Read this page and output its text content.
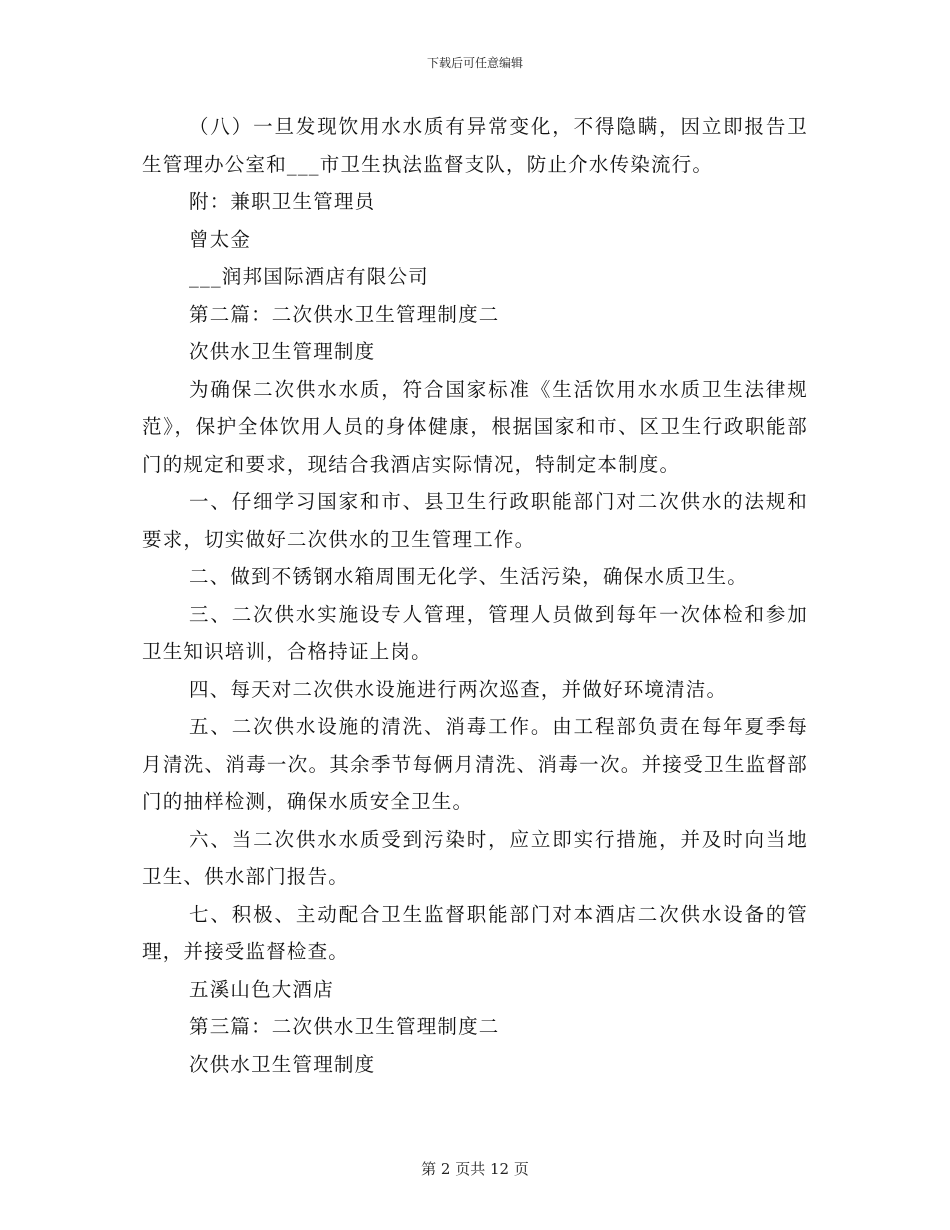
下载后可任意编辑

（八）一旦发现饮用水水质有异常变化，不得隐瞒，因立即报告卫生管理办公室和___市卫生执法监督支队，防止介水传染流行。

附：兼职卫生管理员

曾太金

___润邦国际酒店有限公司

第二篇：二次供水卫生管理制度二

次供水卫生管理制度

为确保二次供水水质，符合国家标准《生活饮用水水质卫生法律规范》，保护全体饮用人员的身体健康，根据国家和市、区卫生行政职能部门的规定和要求，现结合我酒店实际情况，特制定本制度。

一、仔细学习国家和市、县卫生行政职能部门对二次供水的法规和要求，切实做好二次供水的卫生管理工作。

二、做到不锈钢水箱周围无化学、生活污染，确保水质卫生。

三、二次供水实施设专人管理，管理人员做到每年一次体检和参加卫生知识培训，合格持证上岗。

四、每天对二次供水设施进行两次巡查，并做好环境清洁。

五、二次供水设施的清洗、消毒工作。由工程部负责在每年夏季每月清洗、消毒一次。其余季节每俩月清洗、消毒一次。并接受卫生监督部门的抽样检测，确保水质安全卫生。

六、当二次供水水质受到污染时，应立即实行措施，并及时向当地卫生、供水部门报告。

七、积极、主动配合卫生监督职能部门对本酒店二次供水设备的管理，并接受监督检查。

五溪山色大酒店

第三篇：二次供水卫生管理制度二

次供水卫生管理制度

第 2 页共 12 页
